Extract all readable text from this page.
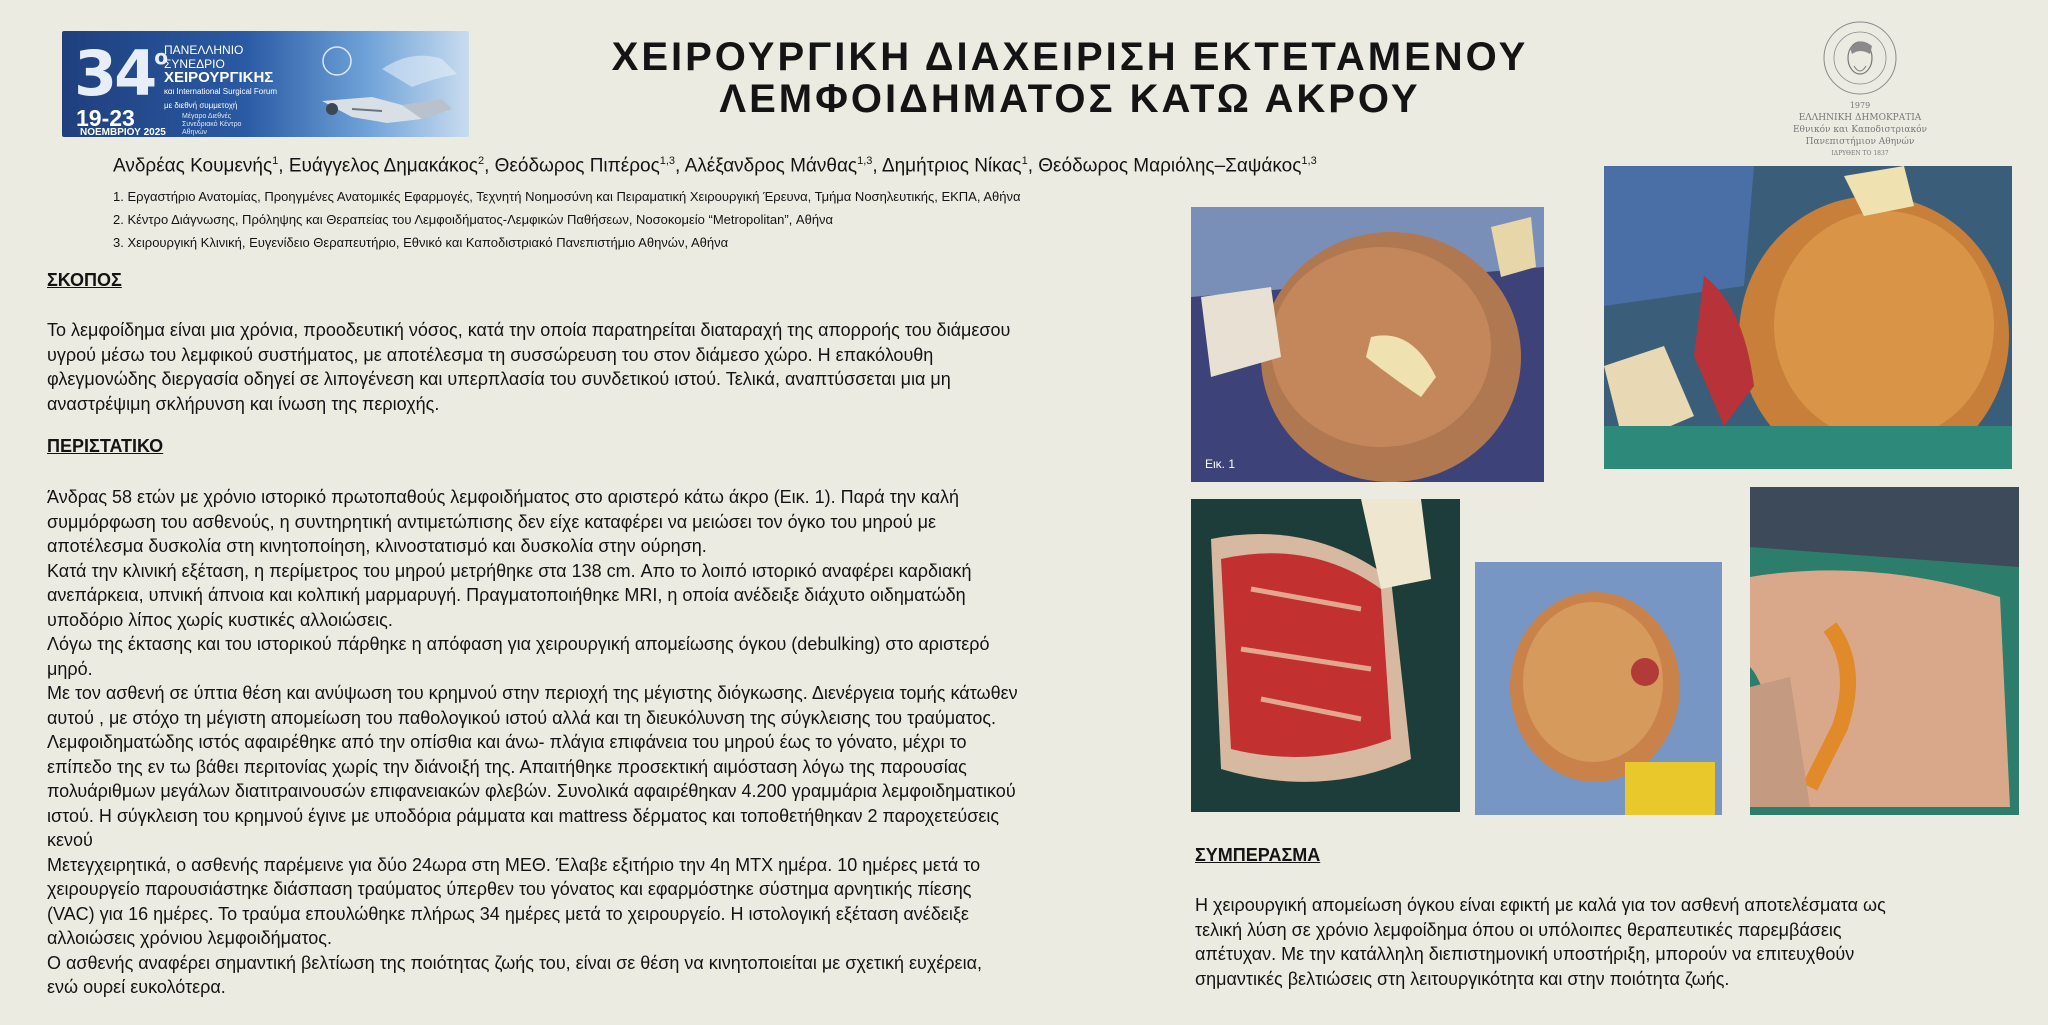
$34^o$
ΠΑΝΕΛΛΗΝΙΟ
ΣΥΝΕΔΡΙΟ
ΧΕΙΡΟΥΡΓΙΚΗΣ
και International Surgical Forum
με διεθνή συμμετοχή
19-23
ΝΟΕΜΒΡΙΟΥ 2025
Μέγαρο Διεθνές
Συνεδριακό Κέντρο
Αθηνών
ΧΕΙΡΟΥΡΓΙΚΗ ΔΙΑΧΕΙΡΙΣΗ ΕΚΤΕΤΑΜΕΝΟΥ
ΛΕΜΦΟΙΔΗΜΑΤΟΣ ΚΑΤΩ ΑΚΡΟΥ	1979
ΕΛΛΗΝΙΚΗ ΔΗΜΟΚΡΑΤΙΑ
Εθνικόν και Καποδιστριακόν
Πανεπιστήμιον Αθηνών
ΙΔΡΥΘΕΝ ΤΟ 1837
Ανδρέας Κουμενής$^1$, Ευάγγελος Δημακάκος$^2$, Θεόδωρος Πιπέρος$^{1,3}$, Αλέξανδρος Μάνθας$^{1,3}$, Δημήτριος Νίκας$^1$, Θεόδωρος Μαριόλης–Σαψάκος$^{1,3}$
1. Εργαστήριο Ανατομίας, Προηγμένες Ανατομικές Εφαρμογές, Τεχνητή Νοημοσύνη και Πειραματική Χειρουργική Έρευνα, Τμήμα Νοσηλευτικής, ΕΚΠΑ, Αθήνα
2. Κέντρο Διάγνωσης, Πρόληψης και Θεραπείας του Λεμφοιδήματος-Λεμφικών Παθήσεων, Νοσοκομείο “Metropolitan”, Αθήνα
3. Χειρουργική Κλινική, Ευγενίδειο Θεραπευτήριο, Εθνικό και Καποδιστριακό Πανεπιστήμιο Αθηνών, Αθήνα
ΣΚΟΠΟΣ
Το λεμφοίδημα είναι μια χρόνια, προοδευτική νόσος, κατά την οποία παρατηρείται διαταραχή της απορροής του διάμεσου
υγρού μέσω του λεμφικού συστήματος, με αποτέλεσμα τη συσσώρευση του στον διάμεσο χώρο. Η επακόλουθη
φλεγμονώδης διεργασία οδηγεί σε λιπογένεση και υπερπλασία του συνδετικού ιστού. Τελικά, αναπτύσσεται μια μη
αναστρέψιμη σκλήρυνση και ίνωση της περιοχής.
ΠΕΡΙΣΤΑΤΙΚΟ
Άνδρας 58 ετών με χρόνιο ιστορικό πρωτοπαθούς λεμφοιδήματος στο αριστερό κάτω άκρο (Εικ. 1). Παρά την καλή
συμμόρφωση του ασθενούς, η συντηρητική αντιμετώπισης δεν είχε καταφέρει να μειώσει τον όγκο του μηρού με
αποτέλεσμα δυσκολία στη κινητοποίηση, κλινοστατισμό και δυσκολία στην ούρηση.
Κατά την κλινική εξέταση, η περίμετρος του μηρού μετρήθηκε στα 138 cm. Απο το λοιπό ιστορικό αναφέρει καρδιακή
ανεπάρκεια, υπνική άπνοια και κολπική μαρμαρυγή. Πραγματοποιήθηκε MRI, η οποία ανέδειξε διάχυτο οιδηματώδη
υποδόριο λίπος χωρίς κυστικές αλλοιώσεις.
Λόγω της έκτασης και του ιστορικού πάρθηκε η απόφαση για χειρουργική απομείωσης όγκου (debulking) στο αριστερό
μηρό.
Με τον ασθενή σε ύπτια θέση και ανύψωση του κρημνού στην περιοχή της μέγιστης διόγκωσης. Διενέργεια τομής κάτωθεν
αυτού , με στόχο τη μέγιστη απομείωση του παθολογικού ιστού αλλά και τη διευκόλυνση της σύγκλεισης του τραύματος.
Λεμφοιδηματώδης ιστός αφαιρέθηκε από την οπίσθια και άνω- πλάγια επιφάνεια του μηρού έως το γόνατο, μέχρι το
επίπεδο της εν τω βάθει περιτονίας χωρίς την διάνοιξή της. Απαιτήθηκε προσεκτική αιμόσταση λόγω της παρουσίας
πολυάριθμων μεγάλων διατιτραινουσών επιφανειακών φλεβών. Συνολικά αφαιρέθηκαν 4.200 γραμμάρια λεμφοιδηματικού
ιστού. Η σύγκλειση του κρημνού έγινε με υποδόρια ράμματα και mattress δέρματος και τοποθετήθηκαν 2 παροχετεύσεις
κενού
Μετεγχειρητικά, ο ασθενής παρέμεινε για δύο 24ωρα στη ΜΕΘ. Έλαβε εξιτήριο την 4η ΜΤΧ ημέρα. 10 ημέρες μετά το
χειρουργείο παρουσιάστηκε διάσπαση τραύματος ύπερθεν του γόνατος και εφαρμόστηκε σύστημα αρνητικής πίεσης
(VAC) για 16 ημέρες. Το τραύμα επουλώθηκε πλήρως 34 ημέρες μετά το χειρουργείο. Η ιστολογική εξέταση ανέδειξε
αλλοιώσεις χρόνιου λεμφοιδήματος.
Ο ασθενής αναφέρει σημαντική βελτίωση της ποιότητας ζωής του, είναι σε θέση να κινητοποιείται με σχετική ευχέρεια,
ενώ ουρεί ευκολότερα.
Εικ. 1
ΣΥΜΠΕΡΑΣΜΑ
Η χειρουργική απομείωση όγκου είναι εφικτή με καλά για τον ασθενή αποτελέσματα ως
τελική λύση σε χρόνιο λεμφοίδημα όπου οι υπόλοιπες θεραπευτικές παρεμβάσεις
απέτυχαν. Με την κατάλληλη διεπιστημονική υποστήριξη, μπορούν να επιτευχθούν
σημαντικές βελτιώσεις στη λειτουργικότητα και στην ποιότητα ζωής.
